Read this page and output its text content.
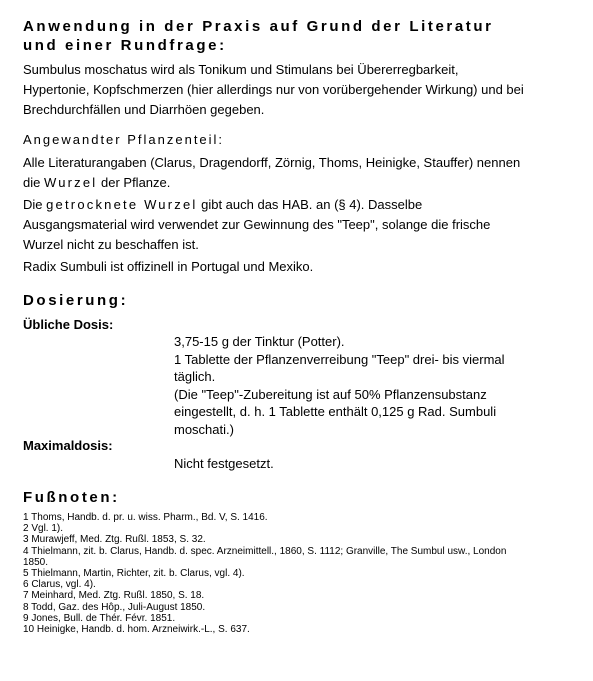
Anwendung in der Praxis auf Grund der Literatur
und einer Rundfrage:
Sumbulus moschatus wird als Tonikum und Stimulans bei Übererregbarkeit,
Hypertonie, Kopfschmerzen (hier allerdings nur von vorübergehender Wirkung) und bei
Brechdurchfällen und Diarrhöen gegeben.
Angewandter Pflanzenteil:
Alle Literaturangaben (Clarus, Dragendorff, Zörnig, Thoms, Heinigke, Stauffer) nennen
die Wurzel der Pflanze.
Die getrocknete Wurzel gibt auch das HAB. an (§ 4). Dasselbe
Ausgangsmaterial wird verwendet zur Gewinnung des "Teep", solange die frische
Wurzel nicht zu beschaffen ist.
Radix Sumbuli ist offizinell in Portugal und Mexiko.
Dosierung:
Übliche Dosis:
3,75-15 g der Tinktur (Potter).
1 Tablette der Pflanzenverreibung "Teep" drei- bis viermal
täglich.
(Die "Teep"-Zubereitung ist auf 50% Pflanzensubstanz
eingestellt, d. h. 1 Tablette enthält 0,125 g Rad. Sumbuli
moschati.)
Maximaldosis:
Nicht festgesetzt.
Fußnoten:
1 Thoms, Handb. d. pr. u. wiss. Pharm., Bd. V, S. 1416.
2 Vgl. 1).
3 Murawjeff, Med. Ztg. Rußl. 1853, S. 32.
4 Thielmann, zit. b. Clarus, Handb. d. spec. Arzneimittell., 1860, S. 1112; Granville, The Sumbul usw., London
1850.
5 Thielmann, Martin, Richter, zit. b. Clarus, vgl. 4).
6 Clarus, vgl. 4).
7 Meinhard, Med. Ztg. Rußl. 1850, S. 18.
8 Todd, Gaz. des Hôp., Juli-August 1850.
9 Jones, Bull. de Thér. Févr. 1851.
10 Heinigke, Handb. d. hom. Arzneiwirk.-L., S. 637.
